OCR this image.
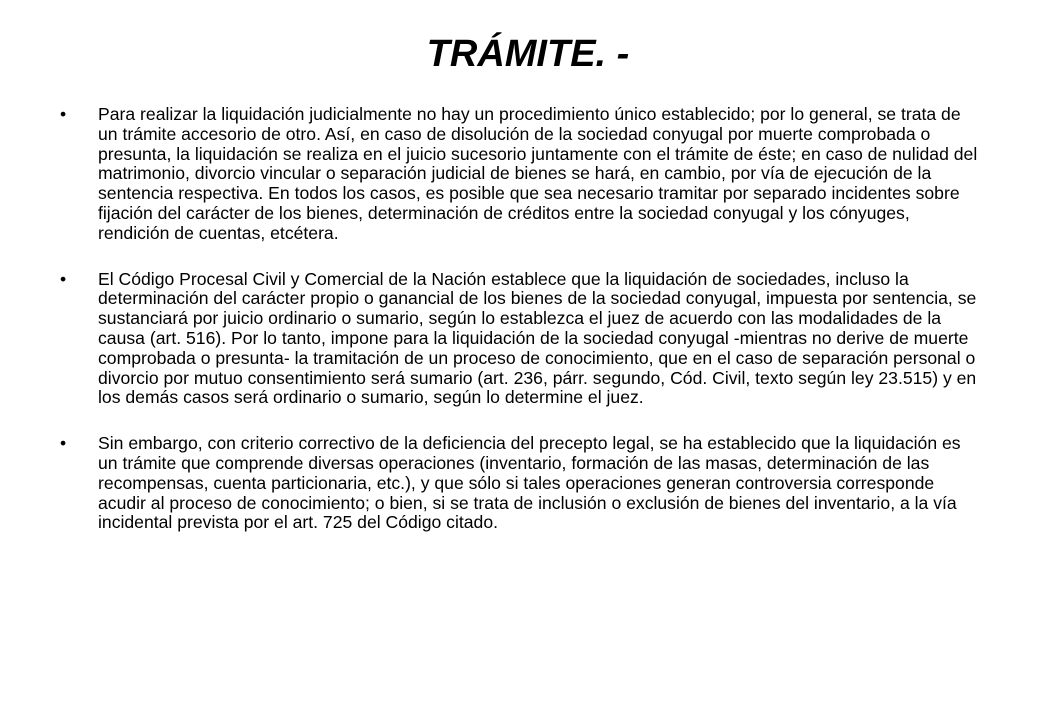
TRÁMITE. -
• Para realizar la liquidación judicialmente no hay un procedimiento único establecido; por lo general, se trata de un trámite accesorio de otro. Así, en caso de disolución de la sociedad conyugal por muerte comprobada o presunta, la liquidación se realiza en el juicio sucesorio juntamente con el trámite de éste; en caso de nulidad del matrimonio, divorcio vincular o separación judicial de bienes se hará, en cambio, por vía de ejecución de la sentencia respectiva. En todos los casos, es posible que sea necesario tramitar por separado incidentes sobre fijación del carácter de los bienes, determinación de créditos entre la sociedad conyugal y los cónyuges, rendición de cuentas, etcétera.
• El Código Procesal Civil y Comercial de la Nación establece que la liquidación de sociedades, incluso la determinación del carácter propio o ganancial de los bienes de la sociedad conyugal, impuesta por sentencia, se sustanciará por juicio ordinario o sumario, según lo establezca el juez de acuerdo con las modalidades de la causa (art. 516). Por lo tanto, impone para la liquidación de la sociedad conyugal -mientras no derive de muerte comprobada o presunta- la tramitación de un proceso de conocimiento, que en el caso de separación personal o divorcio por mutuo consentimiento será sumario (art. 236, párr. segundo, Cód. Civil, texto según ley 23.515) y en los demás casos será ordinario o sumario, según lo determine el juez.
• Sin embargo, con criterio correctivo de la deficiencia del precepto legal, se ha establecido que la liquidación es un trámite que comprende diversas operaciones (inventario, formación de las masas, determinación de las recompensas, cuenta particionaria, etc.), y que sólo si tales operaciones generan controversia corresponde acudir al proceso de conocimiento; o bien, si se trata de inclusión o exclusión de bienes del inventario, a la vía incidental prevista por el art. 725 del Código citado.
